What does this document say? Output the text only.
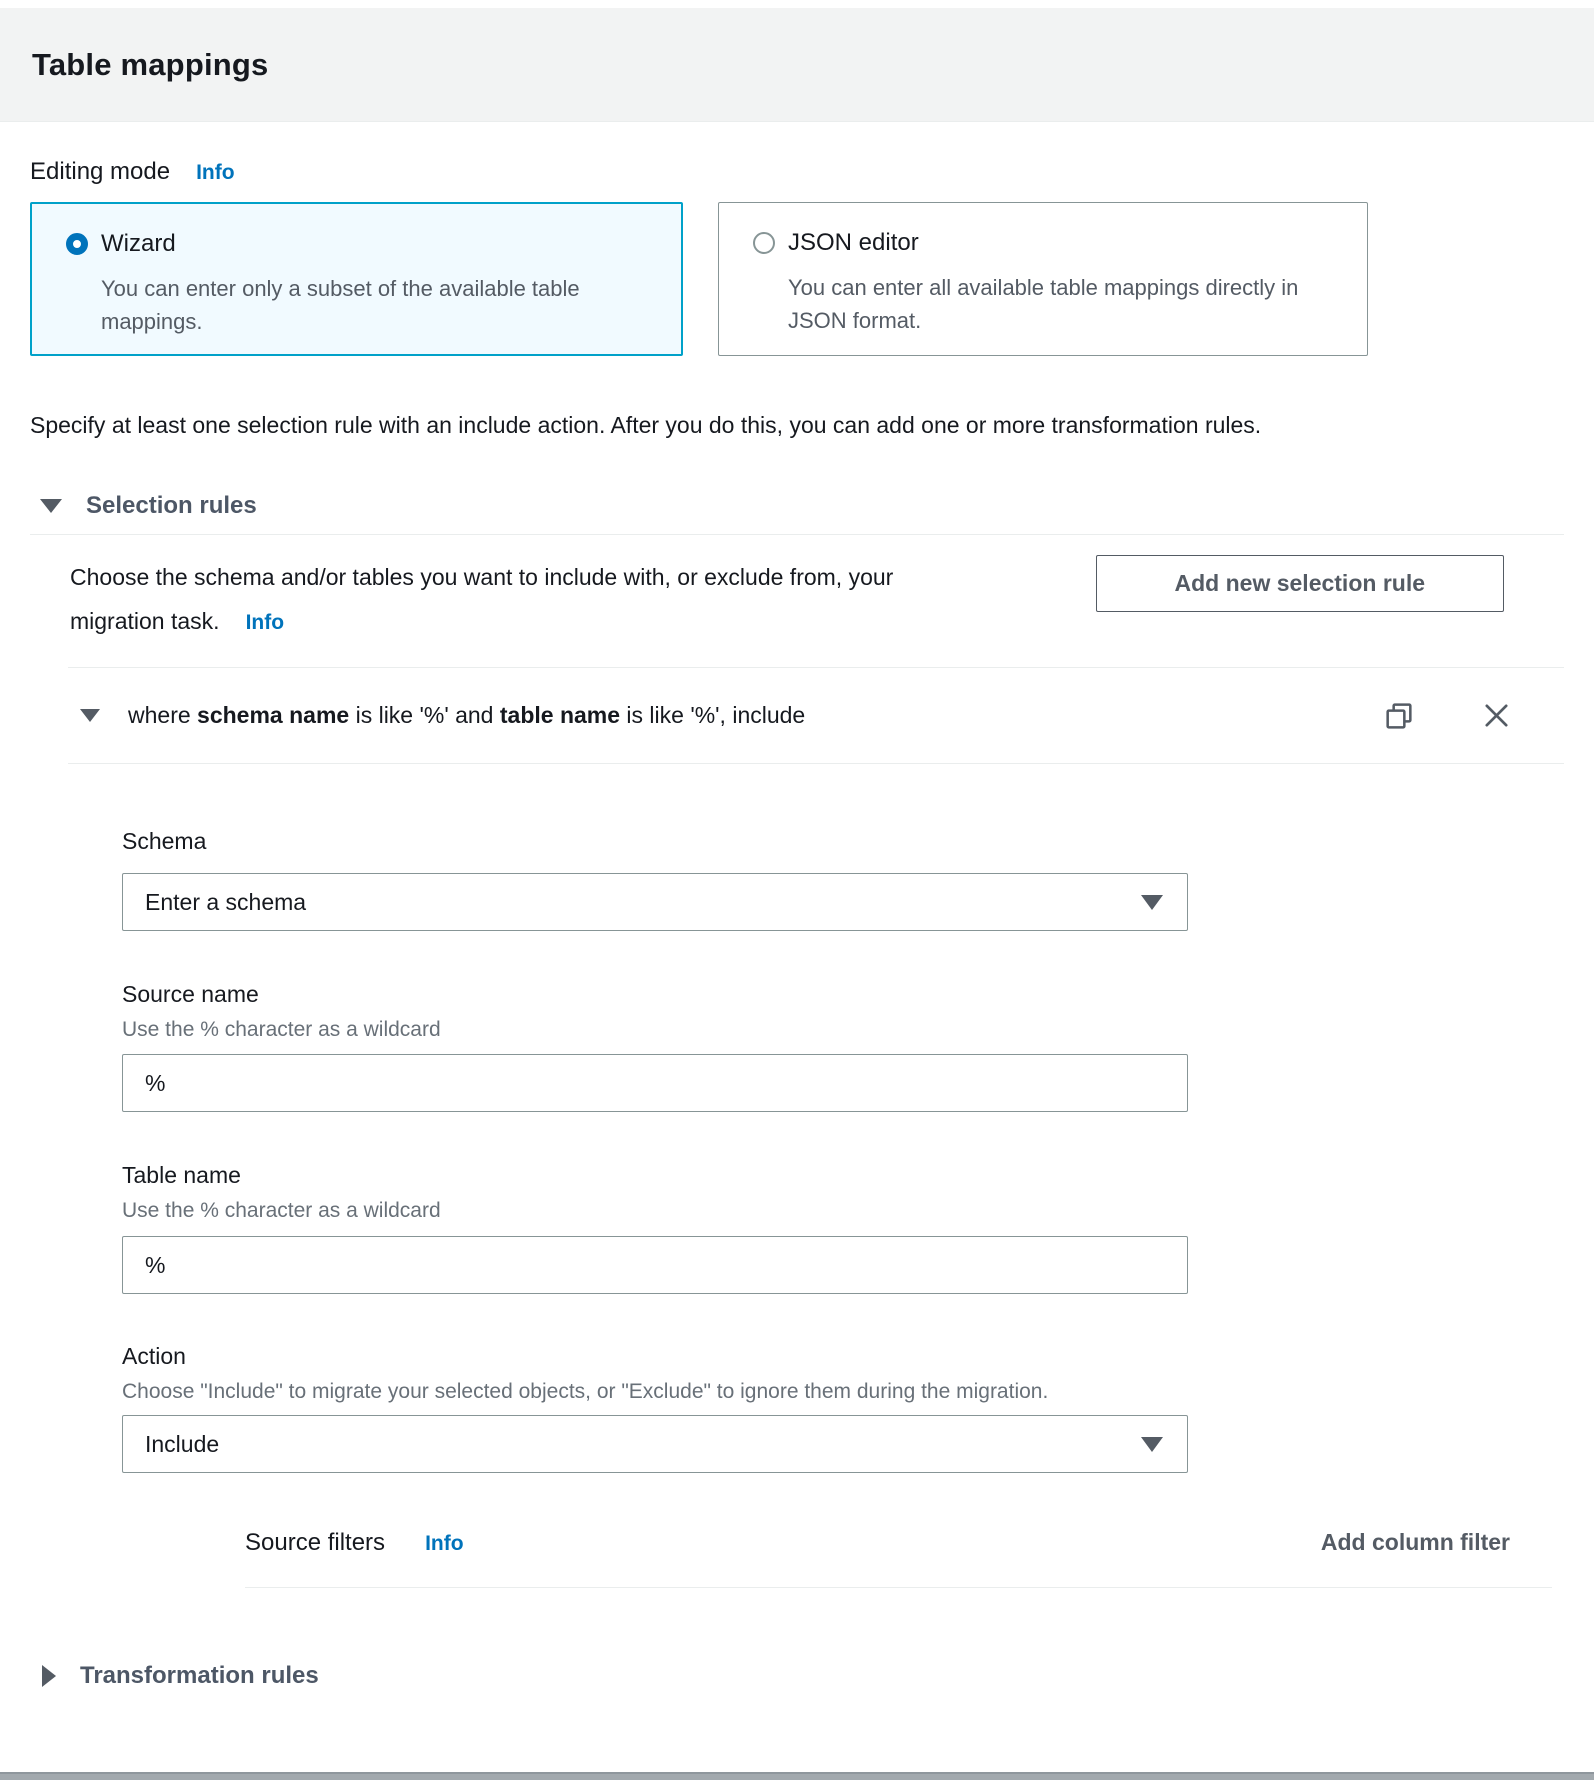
Table mappings
Editing mode Info
Wizard
You can enter only a subset of the available table mappings.
JSON editor
You can enter all available table mappings directly in JSON format.

Specify at least one selection rule with an include action. After you do this, you can add one or more transformation rules.

Selection rules
Choose the schema and/or tables you want to include with, or exclude from, your migration task. Info
Add new selection rule
where schema name is like '%' and table name is like '%', include
Schema
Enter a schema
Source name
Use the % character as a wildcard
%
Table name
Use the % character as a wildcard
%
Action
Choose "Include" to migrate your selected objects, or "Exclude" to ignore them during the migration.
Include
Source filters Info	Add column filter
Transformation rules
